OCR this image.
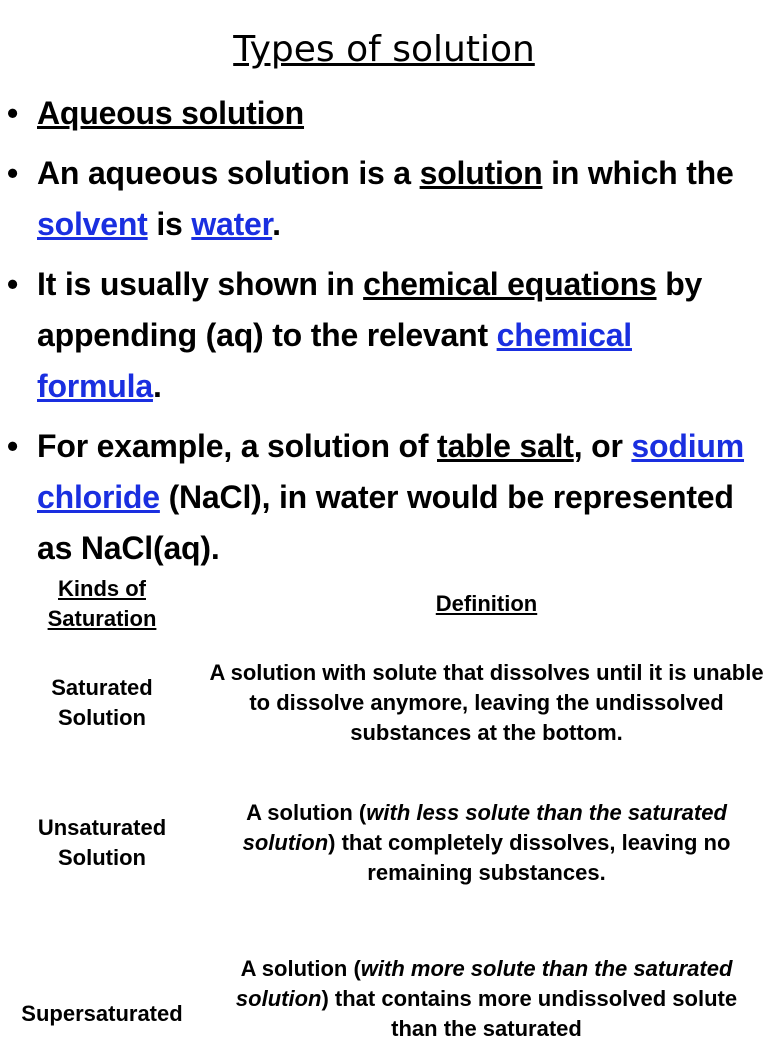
Types of solution
• Aqueous solution
• An aqueous solution is a solution in which the solvent is water.
• It is usually shown in chemical equations by appending (aq) to the relevant chemical formula.
• For example, a solution of table salt, or sodium chloride (NaCl), in water would be represented as NaCl(aq).
Kinds of Saturation
Definition
Saturated Solution
A solution with solute that dissolves until it is unable to dissolve anymore, leaving the undissolved substances at the bottom.
Unsaturated Solution
A solution (with less solute than the saturated solution) that completely dissolves, leaving no remaining substances.
Supersaturated
A solution (with more solute than the saturated solution) that contains more undissolved solute than the saturated
